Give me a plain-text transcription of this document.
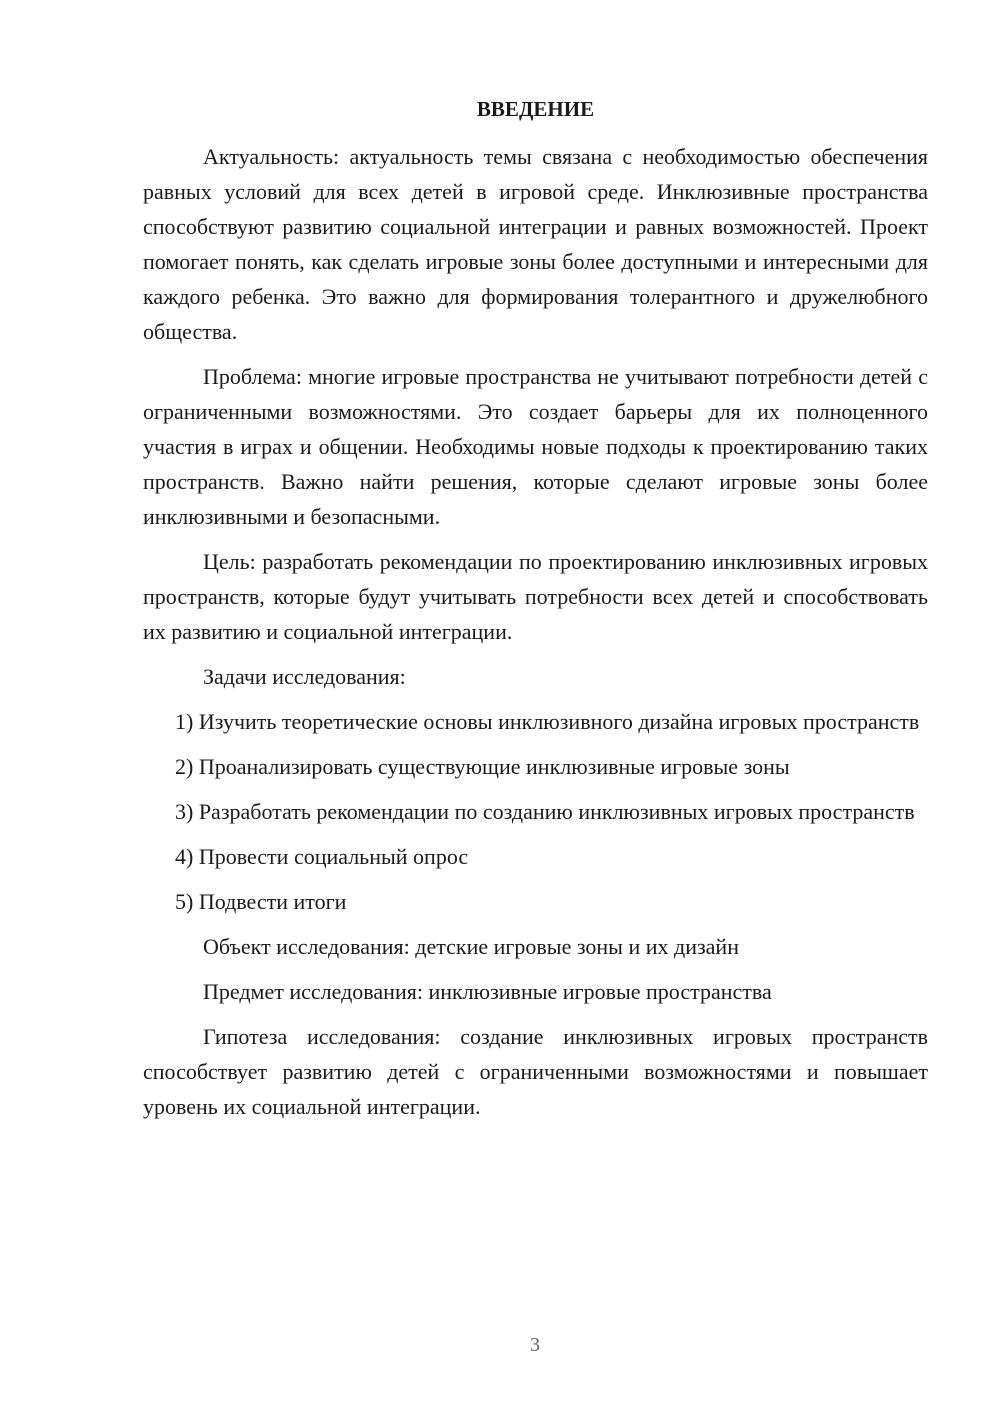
ВВЕДЕНИЕ

Актуальность: актуальность темы связана с необходимостью обеспечения равных условий для всех детей в игровой среде. Инклюзивные пространства способствуют развитию социальной интеграции и равных возможностей. Проект помогает понять, как сделать игровые зоны более доступными и интересными для каждого ребенка. Это важно для формирования толерантного и дружелюбного общества.

Проблема: многие игровые пространства не учитывают потребности детей с ограниченными возможностями. Это создает барьеры для их полноценного участия в играх и общении. Необходимы новые подходы к проектированию таких пространств. Важно найти решения, которые сделают игровые зоны более инклюзивными и безопасными.

Цель: разработать рекомендации по проектированию инклюзивных игровых пространств, которые будут учитывать потребности всех детей и способствовать их развитию и социальной интеграции.

Задачи исследования:

1) Изучить теоретические основы инклюзивного дизайна игровых пространств

2) Проанализировать существующие инклюзивные игровые зоны

3) Разработать рекомендации по созданию инклюзивных игровых пространств

4) Провести социальный опрос

5) Подвести итоги

Объект исследования: детские игровые зоны и их дизайн

Предмет исследования: инклюзивные игровые пространства

Гипотеза исследования: создание инклюзивных игровых пространств способствует развитию детей с ограниченными возможностями и повышает уровень их социальной интеграции.

3
